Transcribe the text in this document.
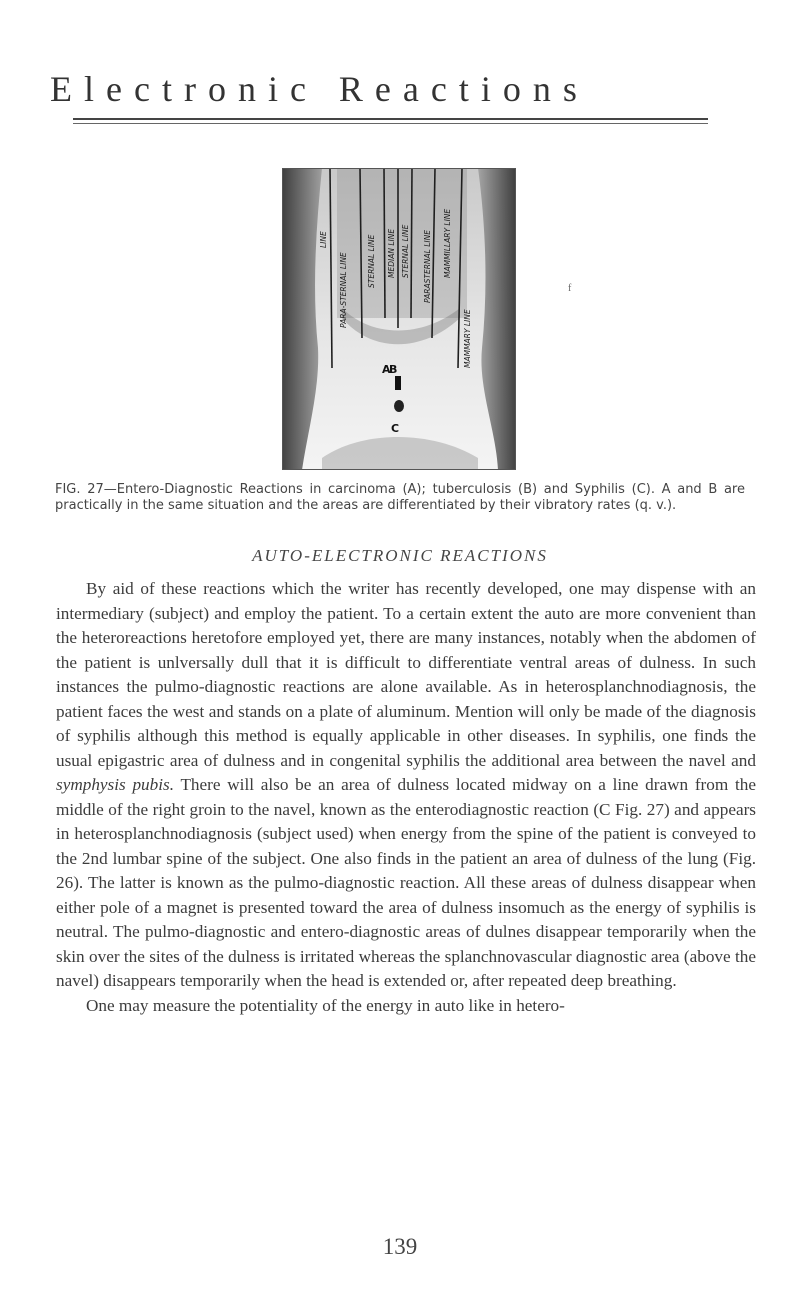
Electronic Reactions
LINE
PARA-STERNAL LINE	STERNAL LINE MEDIAN LINE STERNAL LINE PARASTERNAL LINE MAMMILLARY LINE
MAMMARY LINE
A
B
C
f

FIG. 27—Entero-Diagnostic Reactions in carcinoma (A); tuberculosis (B) and Syphilis (C). A and B are practically in the same situation and the areas are differentiated by their vibratory rates (q. v.).

AUTO-ELECTRONIC REACTIONS

By aid of these reactions which the writer has recently developed, one may dispense with an intermediary (subject) and employ the patient. To a certain extent the auto are more convenient than the heteroreactions heretofore employed yet, there are many instances, notably when the abdomen of the patient is unlversally dull that it is difficult to differentiate ventral areas of dulness. In such instances the pulmo-diagnostic reactions are alone available. As in heterosplanchnodiagnosis, the patient faces the west and stands on a plate of aluminum. Mention will only be made of the diagnosis of syphilis although this method is equally applicable in other diseases. In syphilis, one finds the usual epigastric area of dulness and in congenital syphilis the additional area between the navel and symphysis pubis. There will also be an area of dulness located midway on a line drawn from the middle of the right groin to the navel, known as the enterodiagnostic reaction (C Fig. 27) and appears in heterosplanchnodiagnosis (subject used) when energy from the spine of the patient is conveyed to the 2nd lumbar spine of the subject. One also finds in the patient an area of dulness of the lung (Fig. 26). The latter is known as the pulmo-diagnostic reaction. All these areas of dulness disappear when either pole of a magnet is presented toward the area of dulness insomuch as the energy of syphilis is neutral. The pulmo-diagnostic and entero-diagnostic areas of dulnes disappear temporarily when the skin over the sites of the dulness is irritated whereas the splanchnovascular diagnostic area (above the navel) disappears temporarily when the head is extended or, after repeated deep breathing.

One may measure the potentiality of the energy in auto like in hetero-

139
